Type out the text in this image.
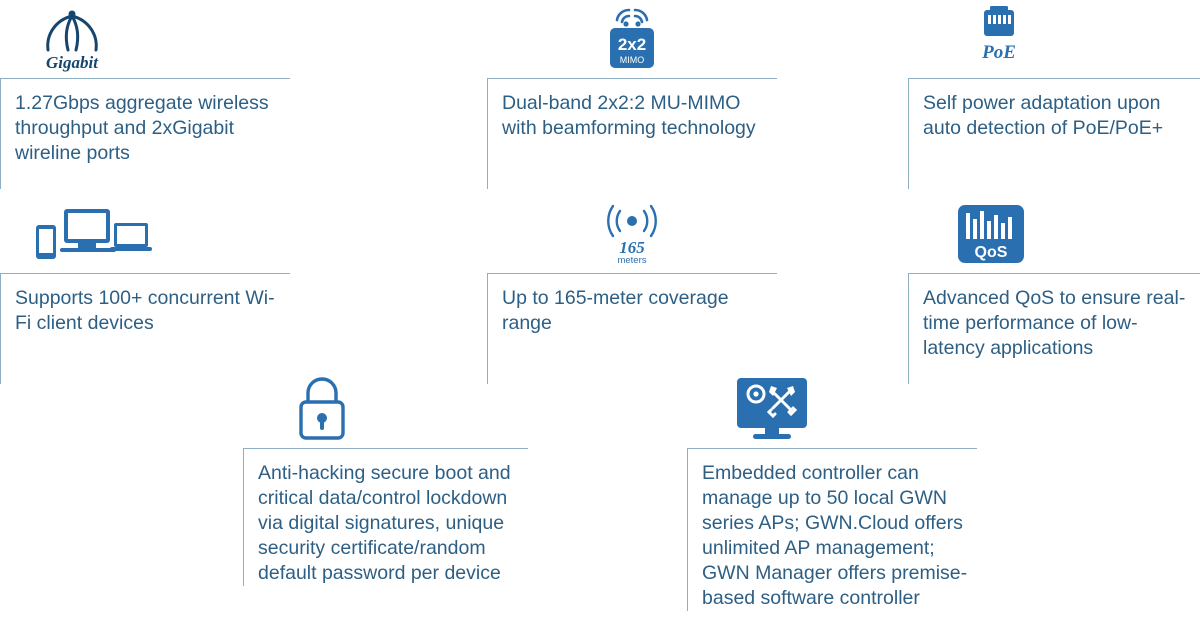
Gigabit
1.27Gbps aggregate wireless throughput and 2xGigabit wireline ports
2x2
MIMO
Dual-band 2x2:2 MU-MIMO with beamforming technology
PoE
Self power adaptation upon auto detection of PoE/PoE+
Supports 100+ concurrent Wi-Fi client devices
165
meters
Up to 165-meter coverage range
QoS
Advanced QoS to ensure real-time performance of low-latency applications
Anti-hacking secure boot and critical data/control lockdown via digital signatures, unique security certificate/random default password per device
Embedded controller can manage up to 50 local GWN series APs; GWN.Cloud offers unlimited AP management; GWN Manager offers premise-based software controller
